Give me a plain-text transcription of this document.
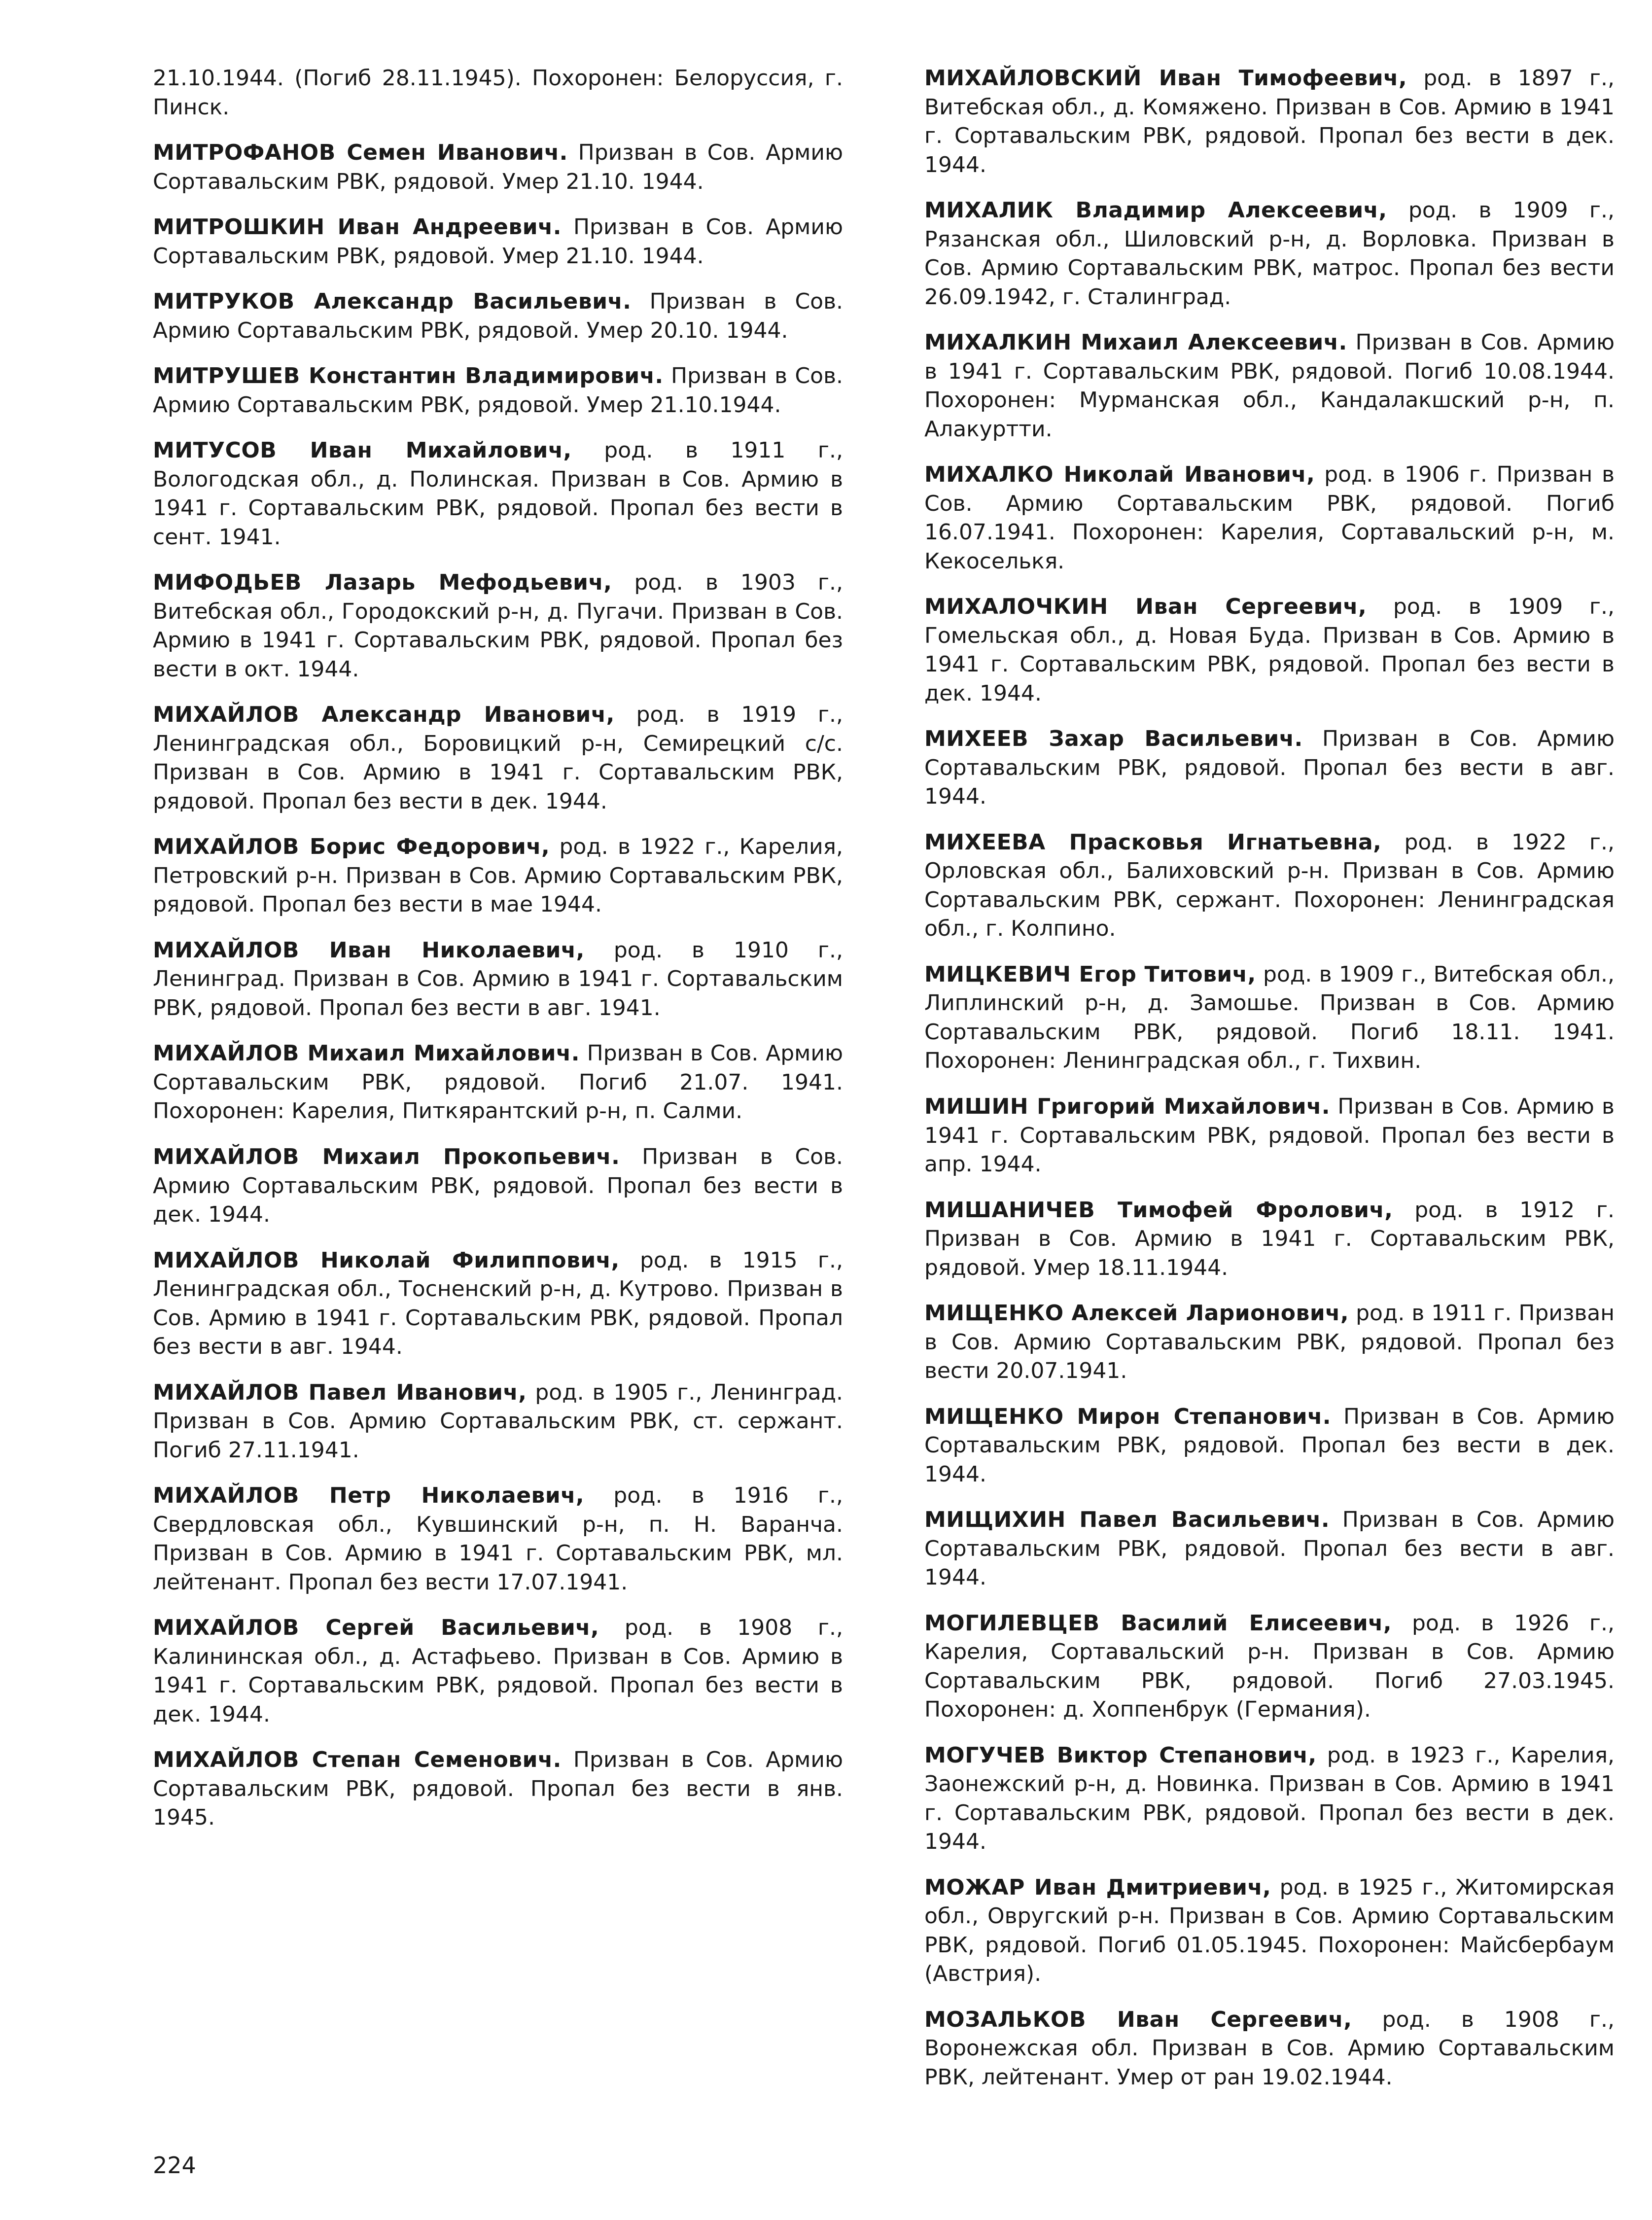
21.10.1944. (Погиб 28.11.1945). Похоронен: Белоруссия, г. Пинск.

МИТРОФАНОВ Семен Иванович. Призван в Сов. Армию Сортавальским РВК, рядовой. Умер 21.10. 1944.

МИТРОШКИН Иван Андреевич. Призван в Сов. Армию Сортавальским РВК, рядовой. Умер 21.10. 1944.

МИТРУКОВ Александр Васильевич. Призван в Сов. Армию Сортавальским РВК, рядовой. Умер 20.10. 1944.

МИТРУШЕВ Константин Владимирович. Призван в Сов. Армию Сортавальским РВК, рядовой. Умер 21.10.1944.

МИТУСОВ Иван Михайлович, род. в 1911 г., Вологодская обл., д. Полинская. Призван в Сов. Армию в 1941 г. Сортавальским РВК, рядовой. Пропал без вести в сент. 1941.

МИФОДЬЕВ Лазарь Мефодьевич, род. в 1903 г., Витебская обл., Городокский р-н, д. Пугачи. Призван в Сов. Армию в 1941 г. Сортавальским РВК, рядовой. Пропал без вести в окт. 1944.

МИХАЙЛОВ Александр Иванович, род. в 1919 г., Ленинградская обл., Боровицкий р-н, Семирецкий с/с. Призван в Сов. Армию в 1941 г. Сортавальским РВК, рядовой. Пропал без вести в дек. 1944.

МИХАЙЛОВ Борис Федорович, род. в 1922 г., Карелия, Петровский р-н. Призван в Сов. Армию Сортавальским РВК, рядовой. Пропал без вести в мае 1944.

МИХАЙЛОВ Иван Николаевич, род. в 1910 г., Ленинград. Призван в Сов. Армию в 1941 г. Сортавальским РВК, рядовой. Пропал без вести в авг. 1941.

МИХАЙЛОВ Михаил Михайлович. Призван в Сов. Армию Сортавальским РВК, рядовой. Погиб 21.07. 1941. Похоронен: Карелия, Питкярантский р-н, п. Салми.

МИХАЙЛОВ Михаил Прокопьевич. Призван в Сов. Армию Сортавальским РВК, рядовой. Пропал без вести в дек. 1944.

МИХАЙЛОВ Николай Филиппович, род. в 1915 г., Ленинградская обл., Тосненский р-н, д. Кутрово. Призван в Сов. Армию в 1941 г. Сортавальским РВК, рядовой. Пропал без вести в авг. 1944.

МИХАЙЛОВ Павел Иванович, род. в 1905 г., Ленинград. Призван в Сов. Армию Сортавальским РВК, ст. сержант. Погиб 27.11.1941.

МИХАЙЛОВ Петр Николаевич, род. в 1916 г., Свердловская обл., Кувшинский р-н, п. Н. Варанча. Призван в Сов. Армию в 1941 г. Сортавальским РВК, мл. лейтенант. Пропал без вести 17.07.1941.

МИХАЙЛОВ Сергей Васильевич, род. в 1908 г., Калининская обл., д. Астафьево. Призван в Сов. Армию в 1941 г. Сортавальским РВК, рядовой. Пропал без вести в дек. 1944.

МИХАЙЛОВ Степан Семенович. Призван в Сов. Армию Сортавальским РВК, рядовой. Пропал без вести в янв. 1945.

МИХАЙЛОВСКИЙ Иван Тимофеевич, род. в 1897 г., Витебская обл., д. Комяжено. Призван в Сов. Армию в 1941 г. Сортавальским РВК, рядовой. Пропал без вести в дек. 1944.

МИХАЛИК Владимир Алексеевич, род. в 1909 г., Рязанская обл., Шиловский р-н, д. Ворловка. Призван в Сов. Армию Сортавальским РВК, матрос. Пропал без вести 26.09.1942, г. Сталинград.

МИХАЛКИН Михаил Алексеевич. Призван в Сов. Армию в 1941 г. Сортавальским РВК, рядовой. Погиб 10.08.1944. Похоронен: Мурманская обл., Кандалакшский р-н, п. Алакуртти.

МИХАЛКО Николай Иванович, род. в 1906 г. Призван в Сов. Армию Сортавальским РВК, рядовой. Погиб 16.07.1941. Похоронен: Карелия, Сортавальский р-н, м. Кекоселькя.

МИХАЛОЧКИН Иван Сергеевич, род. в 1909 г., Гомельская обл., д. Новая Буда. Призван в Сов. Армию в 1941 г. Сортавальским РВК, рядовой. Пропал без вести в дек. 1944.

МИХЕЕВ Захар Васильевич. Призван в Сов. Армию Сортавальским РВК, рядовой. Пропал без вести в авг. 1944.

МИХЕЕВА Прасковья Игнатьевна, род. в 1922 г., Орловская обл., Балиховский р-н. Призван в Сов. Армию Сортавальским РВК, сержант. Похоронен: Ленинградская обл., г. Колпино.

МИЦКЕВИЧ Егор Титович, род. в 1909 г., Витебская обл., Липлинский р-н, д. Замошье. Призван в Сов. Армию Сортавальским РВК, рядовой. Погиб 18.11. 1941. Похоронен: Ленинградская обл., г. Тихвин.

МИШИН Григорий Михайлович. Призван в Сов. Армию в 1941 г. Сортавальским РВК, рядовой. Пропал без вести в апр. 1944.

МИШАНИЧЕВ Тимофей Фролович, род. в 1912 г. Призван в Сов. Армию в 1941 г. Сортавальским РВК, рядовой. Умер 18.11.1944.

МИЩЕНКО Алексей Ларионович, род. в 1911 г. Призван в Сов. Армию Сортавальским РВК, рядовой. Пропал без вести 20.07.1941.

МИЩЕНКО Мирон Степанович. Призван в Сов. Армию Сортавальским РВК, рядовой. Пропал без вести в дек. 1944.

МИЩИХИН Павел Васильевич. Призван в Сов. Армию Сортавальским РВК, рядовой. Пропал без вести в авг. 1944.

МОГИЛЕВЦЕВ Василий Елисеевич, род. в 1926 г., Карелия, Сортавальский р-н. Призван в Сов. Армию Сортавальским РВК, рядовой. Погиб 27.03.1945. Похоронен: д. Хоппенбрук (Германия).

МОГУЧЕВ Виктор Степанович, род. в 1923 г., Карелия, Заонежский р-н, д. Новинка. Призван в Сов. Армию в 1941 г. Сортавальским РВК, рядовой. Пропал без вести в дек. 1944.

МОЖАР Иван Дмитриевич, род. в 1925 г., Житомирская обл., Овругский р-н. Призван в Сов. Армию Сортавальским РВК, рядовой. Погиб 01.05.1945. Похоронен: Майсбербаум (Австрия).

МОЗАЛЬКОВ Иван Сергеевич, род. в 1908 г., Воронежская обл. Призван в Сов. Армию Сортавальским РВК, лейтенант. Умер от ран 19.02.1944.

224
